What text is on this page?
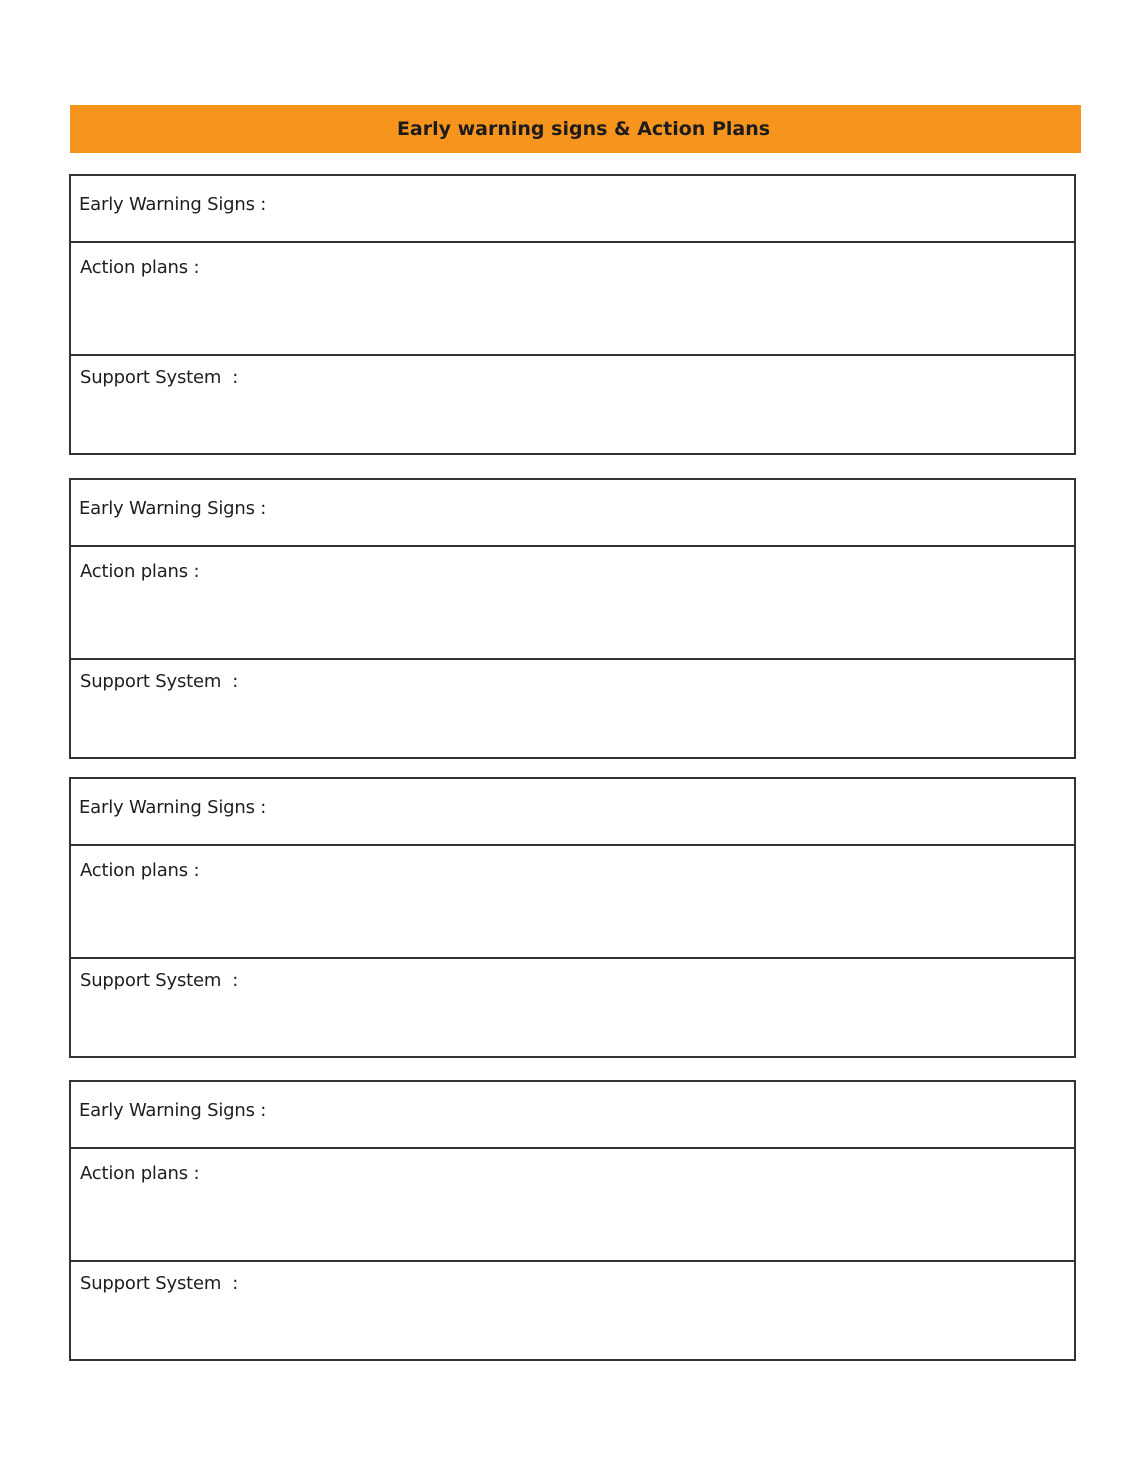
Early warning signs & Action Plans
Early Warning Signs :
Action plans :
Support System  :
Early Warning Signs :
Action plans :
Support System  :
Early Warning Signs :
Action plans :
Support System  :
Early Warning Signs :
Action plans :
Support System  :
